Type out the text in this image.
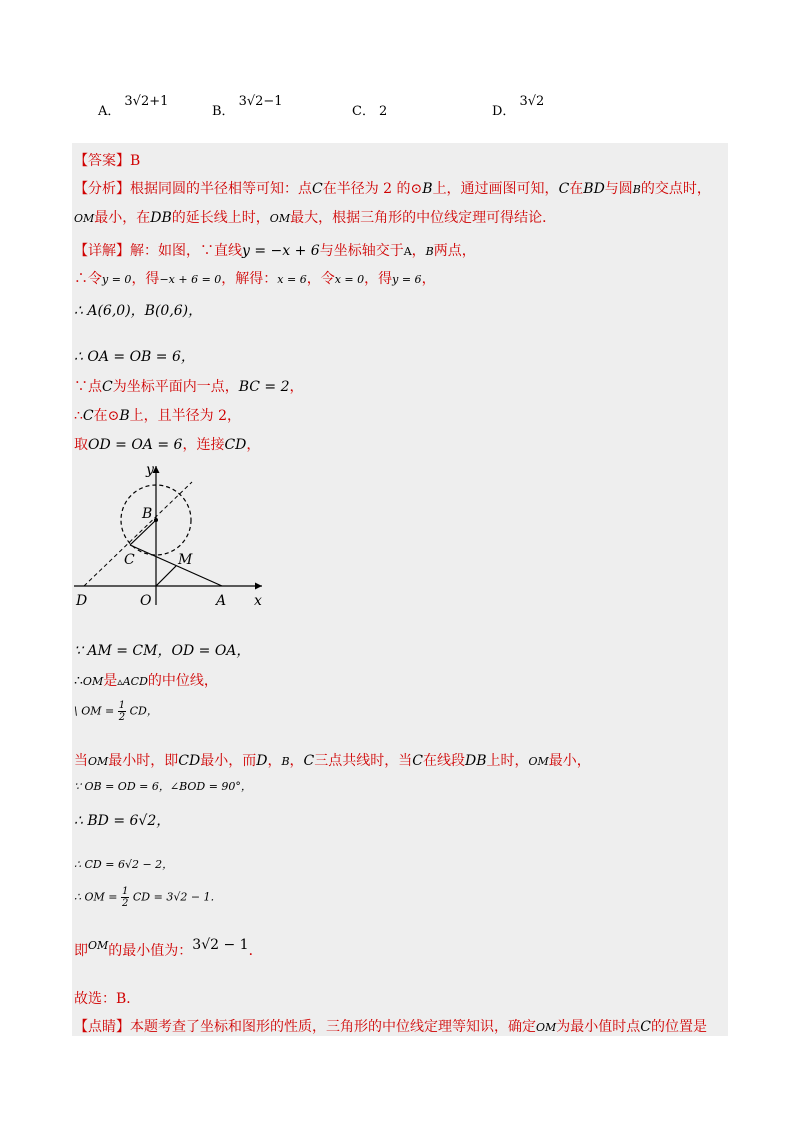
A．3√2+1
B．3√2−1
C． 2	D．3√2
【答案】B
【分析】根据同圆的半径相等可知：点C在半径为 2 的⊙B上，通过画图可知，C在BD与圆B的交点时，
OM最小，在DB的延长线上时，OM最大，根据三角形的中位线定理可得结论．
【详解】解：如图，∵直线y = −x + 6与坐标轴交于A，B两点，
∴令y = 0，得−x + 6 = 0，解得：x = 6，令x = 0，得y = 6，
∴ A(6,0)，B(0,6)，
∴ OA = OB = 6，
∵点C为坐标平面内一点，BC = 2，
∴C在⊙B上，且半径为 2，
取OD = OA = 6，连接CD，
y
x
B
C	M
D	O	A
∵ AM = CM，OD = OA，
∴OM是▵ACD的中位线，
\ OM = $\frac{1}{2}$ CD，
当OM最小时，即CD最小，而D，B，C三点共线时，当C在线段DB上时，OM最小，
∵ OB = OD = 6，∠BOD = 90°，
∴ BD = 6√2，
∴ CD = 6√2 − 2，
∴ OM = $\frac{1}{2}$ CD = 3√2 − 1．
即$^{OM}$的最小值为：3√2 − 1．
故选：B．
【点睛】本题考查了坐标和图形的性质，三角形的中位线定理等知识，确定OM为最小值时点C的位置是
